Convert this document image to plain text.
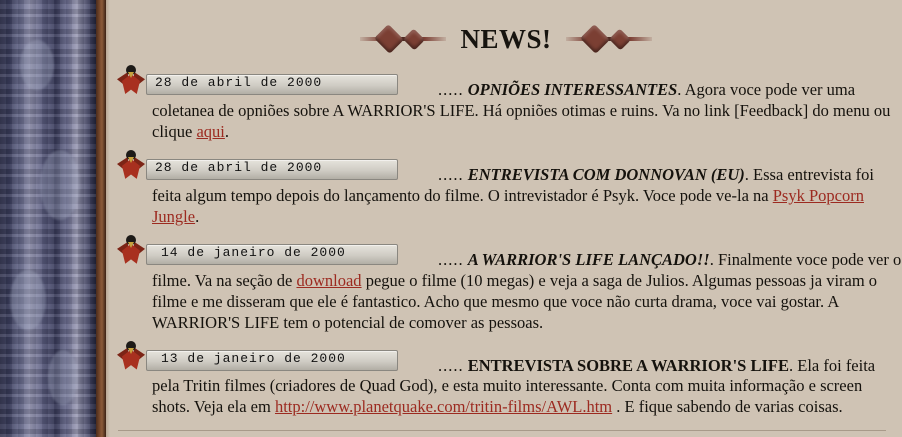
NEWS!
28 de abril de 2000	..... OPNIÕES INTERESSANTES. Agora voce pode ver uma coletanea de opniões sobre A WARRIOR'S LIFE. Há opniões otimas e ruins. Va no link [Feedback] do menu ou clique aqui.
28 de abril de 2000	..... ENTREVISTA COM DONNOVAN (EU). Essa entrevista foi feita algum tempo depois do lançamento do filme. O intrevistador é Psyk. Voce pode ve-la na Psyk Popcorn Jungle.
14 de janeiro de 2000	..... A WARRIOR'S LIFE LANÇADO!!. Finalmente voce pode ver o filme. Va na seção de download pegue o filme (10 megas) e veja a saga de Julios. Algumas pessoas ja viram o filme e me disseram que ele é fantastico. Acho que mesmo que voce não curta drama, voce vai gostar. A WARRIOR'S LIFE tem o potencial de comover as pessoas.
13 de janeiro de 2000	..... ENTREVISTA SOBRE A WARRIOR'S LIFE. Ela foi feita pela Tritin filmes (criadores de Quad God), e esta muito interessante. Conta com muita informação e screen shots. Veja ela em http://www.planetquake.com/tritin-films/AWL.htm . E fique sabendo de varias coisas.
